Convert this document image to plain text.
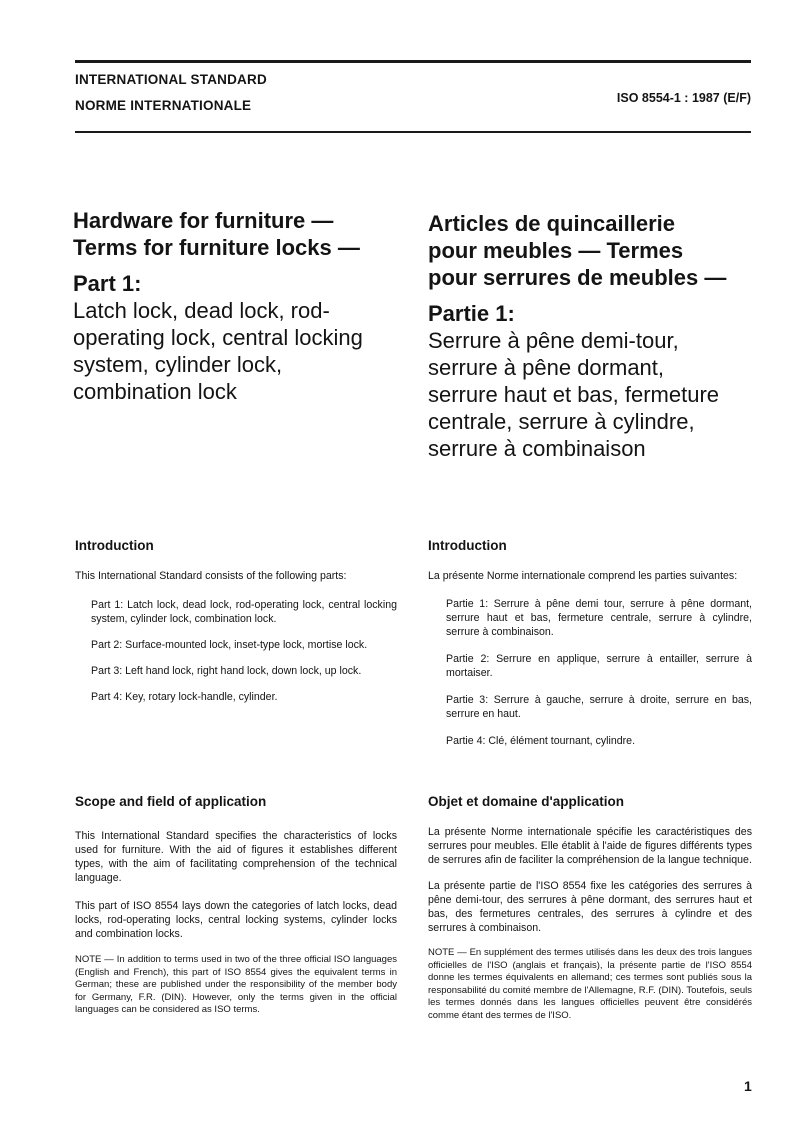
INTERNATIONAL STANDARD
NORME INTERNATIONALE	ISO 8554-1 : 1987 (E/F)
Hardware for furniture —
Terms for furniture locks —
Part 1:
Latch lock, dead lock, rod-
operating lock, central locking
system, cylinder lock,
combination lock
Articles de quincaillerie
pour meubles — Termes
pour serrures de meubles —
Partie 1:
Serrure à pêne demi-tour,
serrure à pêne dormant,
serrure haut et bas, fermeture
centrale, serrure à cylindre,
serrure à combinaison
Introduction

This International Standard consists of the following parts:

Part 1: Latch lock, dead lock, rod-operating lock, central locking system, cylinder lock, combination lock.

Part 2: Surface-mounted lock, inset-type lock, mortise lock.

Part 3: Left hand lock, right hand lock, down lock, up lock.

Part 4: Key, rotary lock-handle, cylinder.

Introduction

La présente Norme internationale comprend les parties suivantes:

Partie 1: Serrure à pêne demi tour, serrure à pêne dormant, serrure haut et bas, fermeture centrale, serrure à cylindre, serrure à combinaison.

Partie 2: Serrure en applique, serrure à entailler, serrure à mortaiser.

Partie 3: Serrure à gauche, serrure à droite, serrure en bas, serrure en haut.

Partie 4: Clé, élément tournant, cylindre.

Scope and field of application

This International Standard specifies the characteristics of locks used for furniture. With the aid of figures it establishes different types, with the aim of facilitating comprehension of the technical language.

This part of ISO 8554 lays down the categories of latch locks, dead locks, rod-operating locks, central locking systems, cylinder locks and combination locks.

NOTE — In addition to terms used in two of the three official ISO languages (English and French), this part of ISO 8554 gives the equivalent terms in German; these are published under the responsibility of the member body for Germany, F.R. (DIN). However, only the terms given in the official languages can be considered as ISO terms.

Objet et domaine d'application

La présente Norme internationale spécifie les caractéristiques des serrures pour meubles. Elle établit à l'aide de figures différents types de serrures afin de faciliter la compréhension de la langue technique.

La présente partie de l'ISO 8554 fixe les catégories des serrures à pêne demi-tour, des serrures à pêne dormant, des serrures haut et bas, des fermetures centrales, des serrures à cylindre et des serrures à combinaison.

NOTE — En supplément des termes utilisés dans les deux des trois langues officielles de l'ISO (anglais et français), la présente partie de l'ISO 8554 donne les termes équivalents en allemand; ces termes sont publiés sous la responsabilité du comité membre de l'Allemagne, R.F. (DIN). Toutefois, seuls les termes donnés dans les langues officielles peuvent être considérés comme étant des termes de l'ISO.

1
